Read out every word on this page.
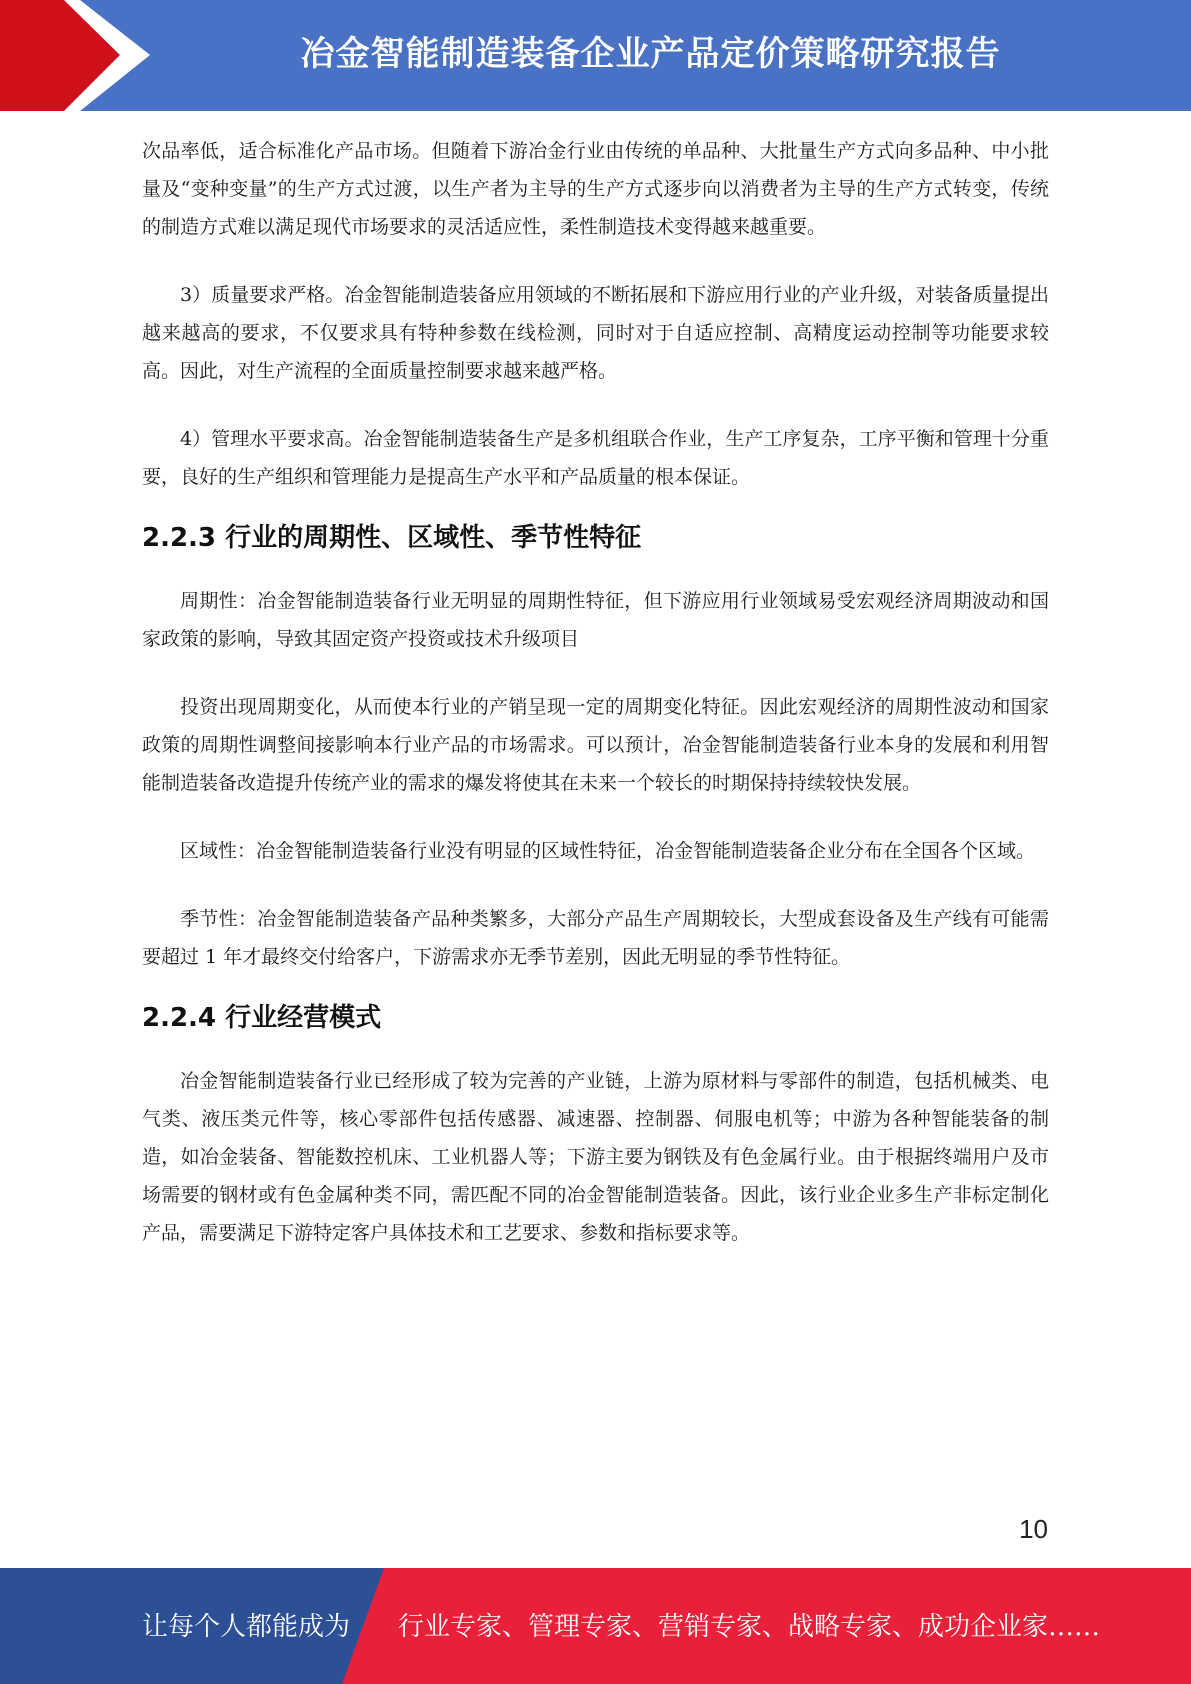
冶金智能制造装备企业产品定价策略研究报告

次品率低，适合标准化产品市场。但随着下游冶金行业由传统的单品种、大批量生产方式向多品种、中小批量及“变种变量”的生产方式过渡，以生产者为主导的生产方式逐步向以消费者为主导的生产方式转变，传统的制造方式难以满足现代市场要求的灵活适应性，柔性制造技术变得越来越重要。

3）质量要求严格。冶金智能制造装备应用领域的不断拓展和下游应用行业的产业升级，对装备质量提出越来越高的要求，不仅要求具有特种参数在线检测，同时对于自适应控制、高精度运动控制等功能要求较高。因此，对生产流程的全面质量控制要求越来越严格。

4）管理水平要求高。冶金智能制造装备生产是多机组联合作业，生产工序复杂，工序平衡和管理十分重要，良好的生产组织和管理能力是提高生产水平和产品质量的根本保证。

2.2.3 行业的周期性、区域性、季节性特征

周期性：冶金智能制造装备行业无明显的周期性特征，但下游应用行业领域易受宏观经济周期波动和国家政策的影响，导致其固定资产投资或技术升级项目

投资出现周期变化，从而使本行业的产销呈现一定的周期变化特征。因此宏观经济的周期性波动和国家政策的周期性调整间接影响本行业产品的市场需求。可以预计，冶金智能制造装备行业本身的发展和利用智能制造装备改造提升传统产业的需求的爆发将使其在未来一个较长的时期保持持续较快发展。

区域性：冶金智能制造装备行业没有明显的区域性特征，冶金智能制造装备企业分布在全国各个区域。

季节性：冶金智能制造装备产品种类繁多，大部分产品生产周期较长，大型成套设备及生产线有可能需要超过 1 年才最终交付给客户，下游需求亦无季节差别，因此无明显的季节性特征。

2.2.4 行业经营模式

冶金智能制造装备行业已经形成了较为完善的产业链，上游为原材料与零部件的制造，包括机械类、电气类、液压类元件等，核心零部件包括传感器、减速器、控制器、伺服电机等；中游为各种智能装备的制造，如冶金装备、智能数控机床、工业机器人等；下游主要为钢铁及有色金属行业。由于根据终端用户及市场需要的钢材或有色金属种类不同，需匹配不同的冶金智能制造装备。因此，该行业企业多生产非标定制化产品，需要满足下游特定客户具体技术和工艺要求、参数和指标要求等。

10
让每个人都能成为 行业专家、管理专家、营销专家、战略专家、成功企业家……
